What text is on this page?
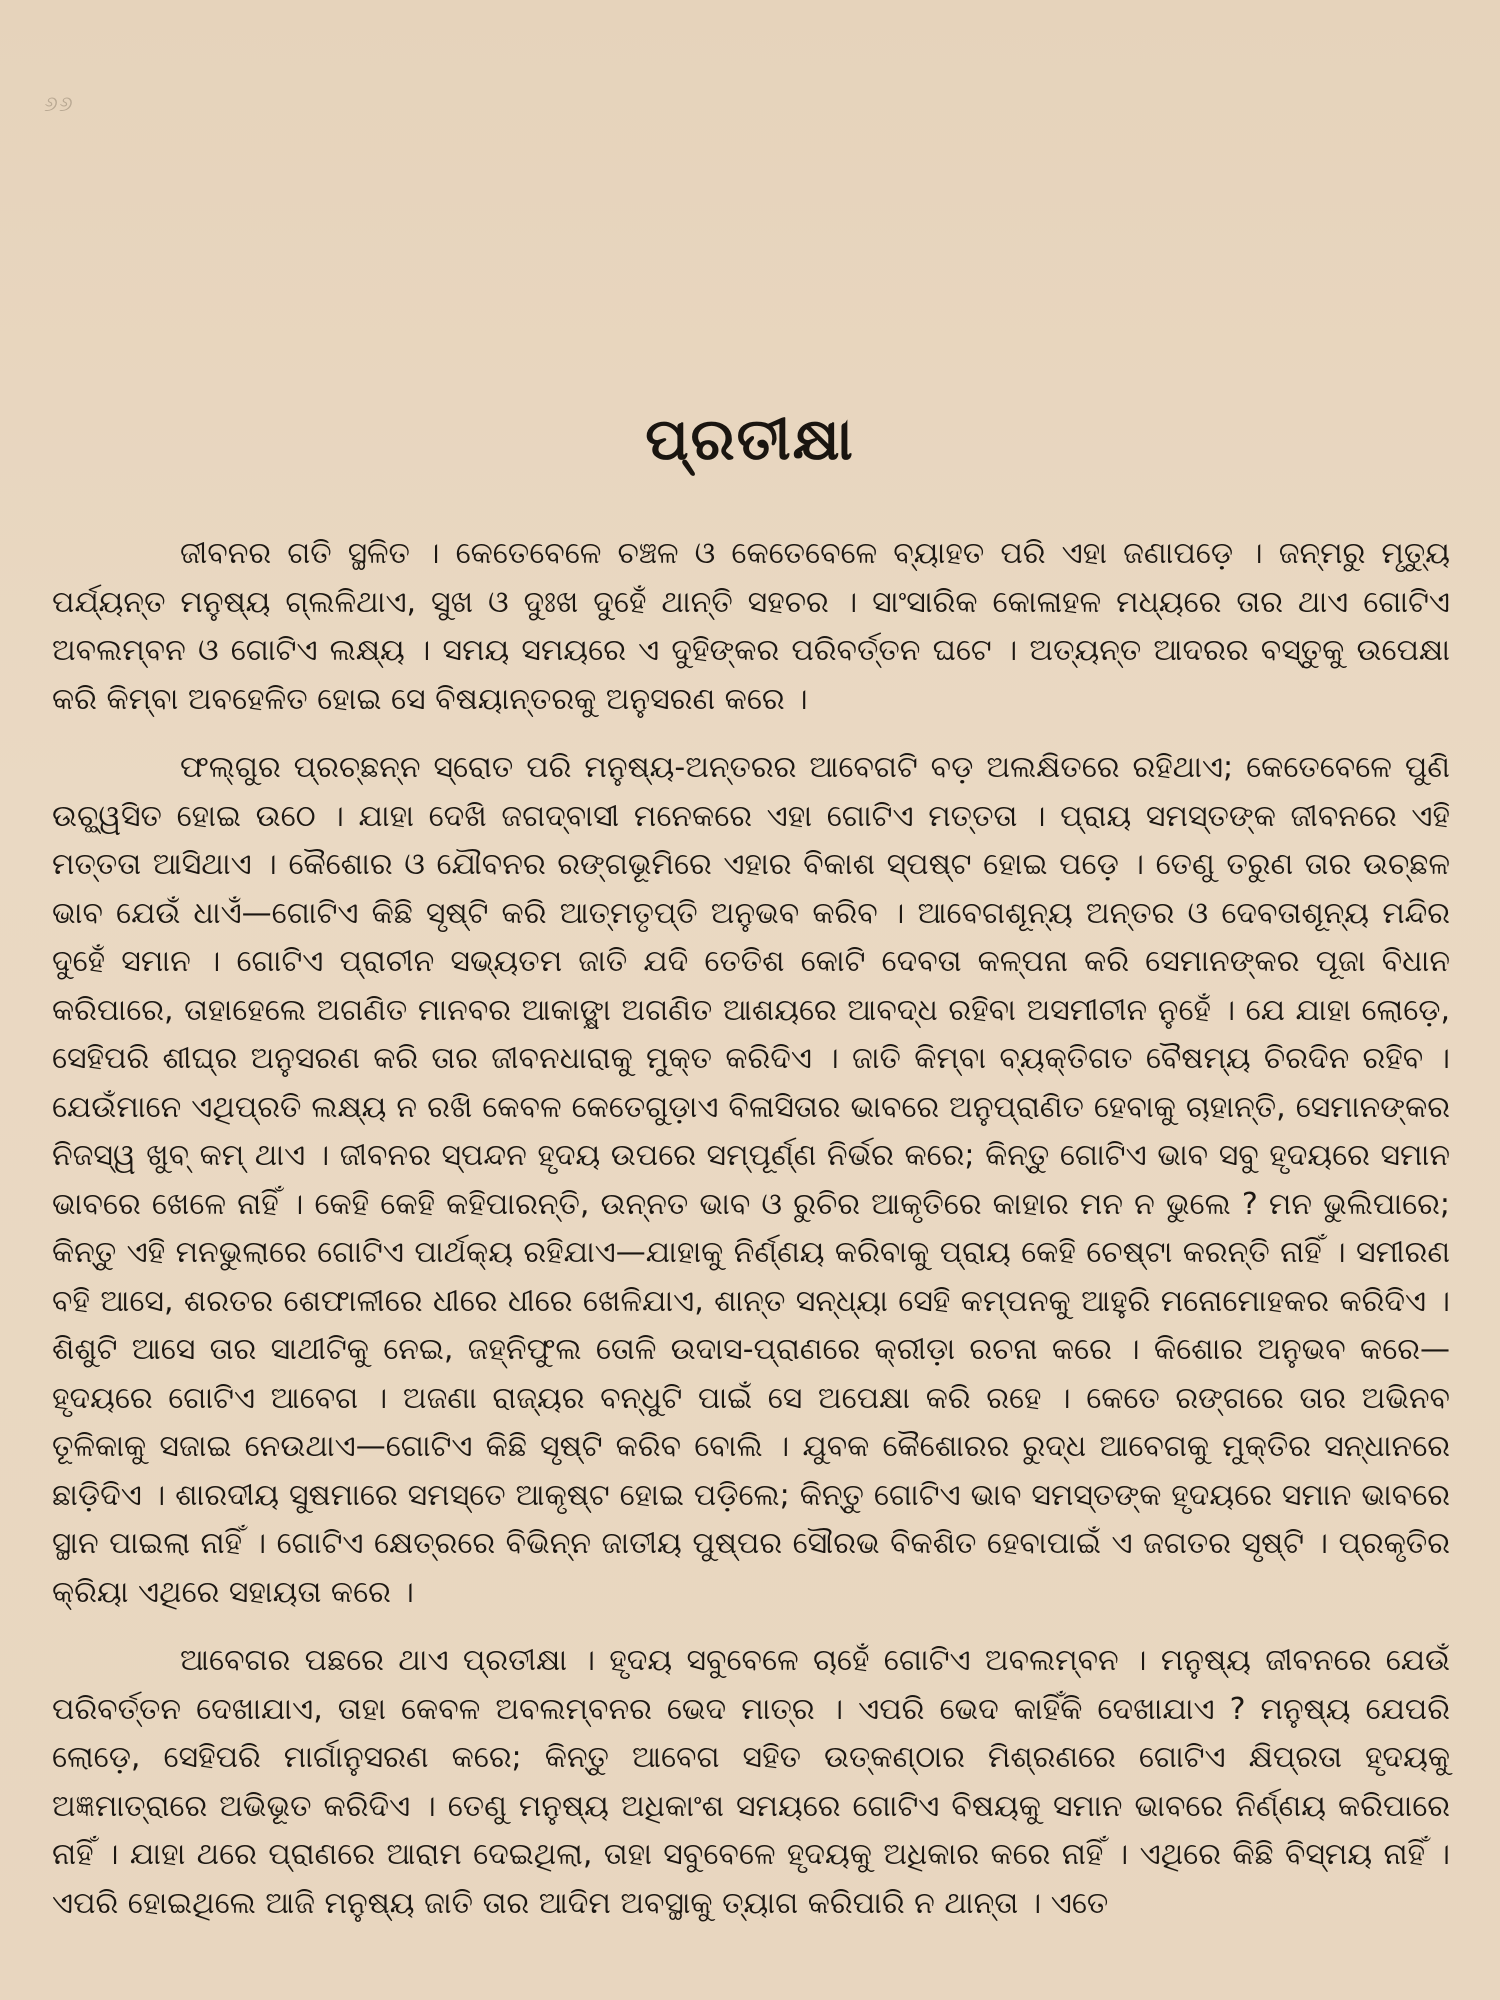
୬୬
ପ୍ରତୀକ୍ଷା

ଜୀବନର ଗତି ସ୍ଥଳିତ । କେତେବେଳେ ଚଞ୍ଚଳ ଓ କେତେବେଳେ ବ୍ୟାହତ ପରି ଏହା ଜଣାପଡ଼େ । ଜନ୍ମରୁ ମୃତ୍ୟୁ ପର୍ଯ୍ୟନ୍ତ ମନୁଷ୍ୟ ଗ୍ଲଳିଥାଏ, ସୁଖ ଓ ଦୁଃଖ ଦୁହେଁ ଥାନ୍ତି ସହଚର । ସାଂସାରିକ କୋଳାହଳ ମଧ୍ୟରେ ତାର ଥାଏ ଗୋଟିଏ ଅବଲମ୍ବନ ଓ ଗୋଟିଏ ଲକ୍ଷ୍ୟ । ସମୟ ସମୟରେ ଏ ଦୁହିଙ୍କର ପରିବର୍ତ୍ତନ ଘଟେ । ଅତ୍ୟନ୍ତ ଆଦରର ବସ୍ତୁକୁ ଉପେକ୍ଷା କରି କିମ୍ବା ଅବହେଳିତ ହୋଇ ସେ ବିଷୟାନ୍ତରକୁ ଅନୁସରଣ କରେ ।

ଫଲ୍ଗୁର ପ୍ରଚ୍ଛନ୍ନ ସ୍ରୋତ ପରି ମନୁଷ୍ୟ-ଅନ୍ତରର ଆବେଗଟି ବଡ଼ ଅଲକ୍ଷିତରେ ରହିଥାଏ; କେତେବେଳେ ପୁଣି ଉଚ୍ଛ୍ୱସିତ ହୋଇ ଉଠେ । ଯାହା ଦେଖି ଜଗଦ୍‌ବାସୀ ମନେକରେ ଏହା ଗୋଟିଏ ମତ୍ତତା । ପ୍ରାୟ ସମସ୍ତଙ୍କ ଜୀବନରେ ଏହି ମତ୍ତତା ଆସିଥାଏ । କୈଶୋର ଓ ଯୌବନର ରଙ୍ଗଭୂମିରେ ଏହାର ବିକାଶ ସ୍ପଷ୍ଟ ହୋଇ ପଡ଼େ । ତେଣୁ ତରୁଣ ତାର ଉଚ୍ଛଳ ଭାବ ଯେଉଁ ଧାଏଁ—ଗୋଟିଏ କିଛି ସୃଷ୍ଟି କରି ଆତ୍ମତୃପ୍ତି ଅନୁଭବ କରିବ । ଆବେଗଶୂନ୍ୟ ଅନ୍ତର ଓ ଦେବତାଶୂନ୍ୟ ମନ୍ଦିର ଦୁହେଁ ସମାନ । ଗୋଟିଏ ପ୍ରାଚୀନ ସଭ୍ୟତମ ଜାତି ଯଦି ତେତିଶ କୋଟି ଦେବତା କଳ୍ପନା କରି ସେମାନଙ୍କର ପୂଜା ବିଧାନ କରିପାରେ, ତାହାହେଲେ ଅଗଣିତ ମାନବର ଆକାଙ୍କ୍ଷା ଅଗଣିତ ଆଶୟରେ ଆବଦ୍ଧ ରହିବା ଅସମୀଚୀନ ନୁହେଁ । ଯେ ଯାହା ଲୋଡ଼େ, ସେହିପରି ଶୀଘ୍ର ଅନୁସରଣ କରି ତାର ଜୀବନଧାରାକୁ ମୁକ୍ତ କରିଦିଏ । ଜାତି କିମ୍ବା ବ୍ୟକ୍ତିଗତ ବୈଷମ୍ୟ ଚିରଦିନ ରହିବ । ଯେଉଁମାନେ ଏଥିପ୍ରତି ଲକ୍ଷ୍ୟ ନ ରଖି କେବଳ କେତେଗୁଡ଼ାଏ ବିଳାସିତାର ଭାବରେ ଅନୁପ୍ରାଣିତ ହେବାକୁ ଚାହାନ୍ତି, ସେମାନଙ୍କର ନିଜସ୍ୱ ଖୁବ୍ କମ୍ ଥାଏ । ଜୀବନର ସ୍ପନ୍ଦନ ହୃଦୟ ଉପରେ ସମ୍ପୂର୍ଣ୍ଣ ନିର୍ଭର କରେ; କିନ୍ତୁ ଗୋଟିଏ ଭାବ ସବୁ ହୃଦୟରେ ସମାନ ଭାବରେ ଖେଳେ ନାହିଁ । କେହି କେହି କହିପାରନ୍ତି, ଉନ୍ନତ ଭାବ ଓ ରୁଚିର ଆକୃତିରେ କାହାର ମନ ନ ଭୁଲେ ? ମନ ଭୁଲିପାରେ; କିନ୍ତୁ ଏହି ମନଭୁଲାରେ ଗୋଟିଏ ପାର୍ଥକ୍ୟ ରହିଯାଏ—ଯାହାକୁ ନିର୍ଣ୍ଣୟ କରିବାକୁ ପ୍ରାୟ କେହି ଚେଷ୍ଟା କରନ୍ତି ନାହିଁ । ସମୀରଣ ବହି ଆସେ, ଶରତର ଶେଫାଳୀରେ ଧୀରେ ଧୀରେ ଖେଳିଯାଏ, ଶାନ୍ତ ସନ୍ଧ୍ୟା ସେହି କମ୍ପନକୁ ଆହୁରି ମନୋମୋହକର କରିଦିଏ । ଶିଶୁଟି ଆସେ ତାର ସାଥୀଟିକୁ ନେଇ, ଜହ୍ନିଫୁଲ ତୋଳି ଉଦାସ-ପ୍ରାଣରେ କ୍ରୀଡ଼ା ରଚନା କରେ । କିଶୋର ଅନୁଭବ କରେ—ହୃଦୟରେ ଗୋଟିଏ ଆବେଗ । ଅଜଣା ରାଜ୍ୟର ବନ୍ଧୁଟି ପାଇଁ ସେ ଅପେକ୍ଷା କରି ରହେ । କେତେ ରଙ୍ଗରେ ତାର ଅଭିନବ ତୂଳିକାକୁ ସଜାଇ ନେଉଥାଏ—ଗୋଟିଏ କିଛି ସୃଷ୍ଟି କରିବ ବୋଲି । ଯୁବକ କୈଶୋରର ରୁଦ୍ଧ ଆବେଗକୁ ମୁକ୍ତିର ସନ୍ଧାନରେ ଛାଡ଼ିଦିଏ । ଶାରଦୀୟ ସୁଷମାରେ ସମସ୍ତେ ଆକୃଷ୍ଟ ହୋଇ ପଡ଼ିଲେ; କିନ୍ତୁ ଗୋଟିଏ ଭାବ ସମସ୍ତଙ୍କ ହୃଦୟରେ ସମାନ ଭାବରେ ସ୍ଥାନ ପାଇଲା ନାହିଁ । ଗୋଟିଏ କ୍ଷେତ୍ରରେ ବିଭିନ୍ନ ଜାତୀୟ ପୁଷ୍ପର ସୌରଭ ବିକଶିତ ହେବାପାଇଁ ଏ ଜଗତର ସୃଷ୍ଟି । ପ୍ରକୃତିର କ୍ରିୟା ଏଥିରେ ସହାୟତା କରେ ।

ଆବେଗର ପଛରେ ଥାଏ ପ୍ରତୀକ୍ଷା । ହୃଦୟ ସବୁବେଳେ ଚାହେଁ ଗୋଟିଏ ଅବଲମ୍ବନ । ମନୁଷ୍ୟ ଜୀବନରେ ଯେଉଁ ପରିବର୍ତ୍ତନ ଦେଖାଯାଏ, ତାହା କେବଳ ଅବଲମ୍ବନର ଭେଦ ମାତ୍ର । ଏପରି ଭେଦ କାହିଁକି ଦେଖାଯାଏ ? ମନୁଷ୍ୟ ଯେପରି ଲୋଡ଼େ, ସେହିପରି ମାର୍ଗାନୁସରଣ କରେ; କିନ୍ତୁ ଆବେଗ ସହିତ ଉତ୍କଣ୍ଠାର ମିଶ୍ରଣରେ ଗୋଟିଏ କ୍ଷିପ୍ରତା ହୃଦୟକୁ ଅଜ୍ଞମାତ୍ରାରେ ଅଭିଭୂତ କରିଦିଏ । ତେଣୁ ମନୁଷ୍ୟ ଅଧିକାଂଶ ସମୟରେ ଗୋଟିଏ ବିଷୟକୁ ସମାନ ଭାବରେ ନିର୍ଣ୍ଣୟ କରିପାରେ ନାହିଁ । ଯାହା ଥରେ ପ୍ରାଣରେ ଆରାମ ଦେଇଥିଲା, ତାହା ସବୁବେଳେ ହୃଦୟକୁ ଅଧିକାର କରେ ନାହିଁ । ଏଥିରେ କିଛି ବିସ୍ମୟ ନାହିଁ । ଏପରି ହୋଇଥିଲେ ଆଜି ମନୁଷ୍ୟ ଜାତି ତାର ଆଦିମ ଅବସ୍ଥାକୁ ତ୍ୟାଗ କରିପାରି ନ ଥାନ୍ତା । ଏତେ
